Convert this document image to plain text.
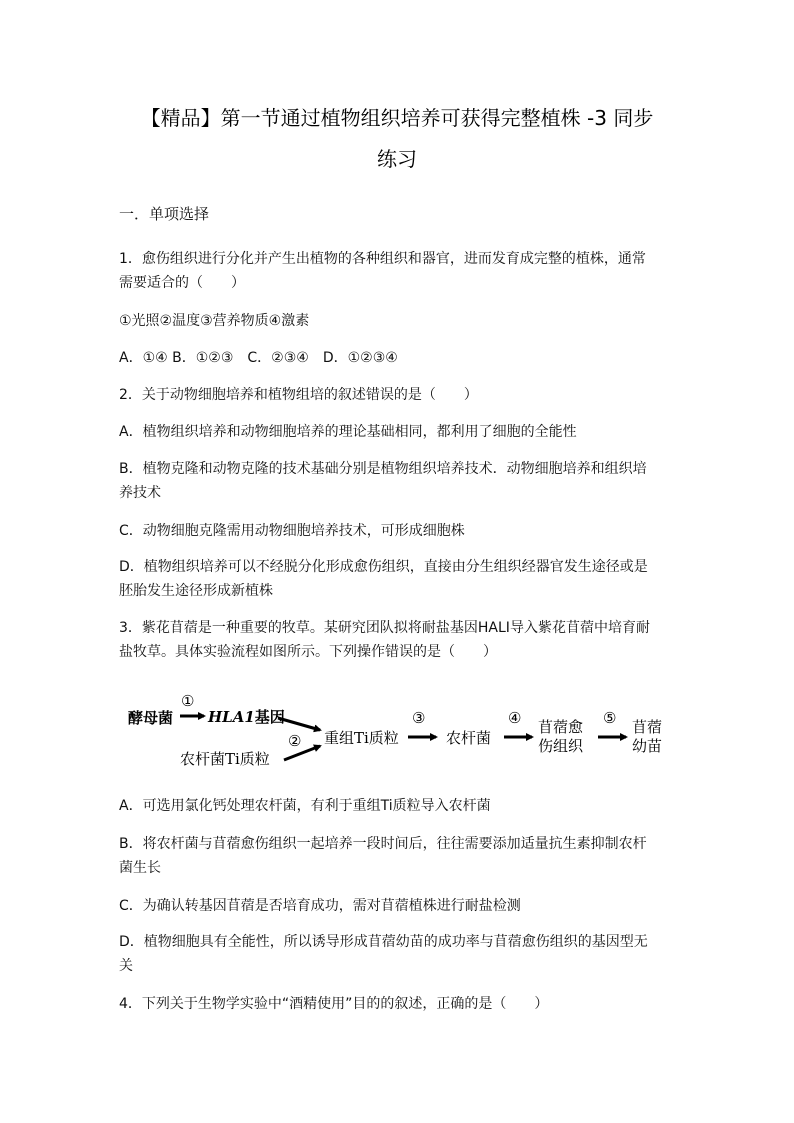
【精品】第一节通过植物组织培养可获得完整植株 -3 同步
练习
一．单项选择
1．愈伤组织进行分化并产生出植物的各种组织和器官，进而发育成完整的植株，通常
需要适合的（　　）
①光照②温度③营养物质④激素
A．①④ B．①②③　C．②③④　D．①②③④
2．关于动物细胞培养和植物组培的叙述错误的是（　　）
A．植物组织培养和动物细胞培养的理论基础相同，都利用了细胞的全能性
B．植物克隆和动物克隆的技术基础分别是植物组织培养技术．动物细胞培养和组织培
养技术
C．动物细胞克隆需用动物细胞培养技术，可形成细胞株
D．植物组织培养可以不经脱分化形成愈伤组织，直接由分生组织经器官发生途径或是
胚胎发生途径形成新植株
3．紫花苜蓿是一种重要的牧草。某研究团队拟将耐盐基因HALI导入紫花苜蓿中培育耐
盐牧草。具体实验流程如图所示。下列操作错误的是（　　）
酵母菌
①
HLA1基因
农杆菌Ti质粒
② 重组Ti质粒
③
农杆菌
④ 苜蓿愈
伤组织
⑤ 苜蓿
幼苗
A．可选用氯化钙处理农杆菌，有利于重组Ti质粒导入农杆菌
B．将农杆菌与苜蓿愈伤组织一起培养一段时间后，往往需要添加适量抗生素抑制农杆
菌生长
C．为确认转基因苜蓿是否培育成功，需对苜蓿植株进行耐盐检测
D．植物细胞具有全能性，所以诱导形成苜蓿幼苗的成功率与苜蓿愈伤组织的基因型无
关
4．下列关于生物学实验中“酒精使用”目的的叙述，正确的是（　　）
